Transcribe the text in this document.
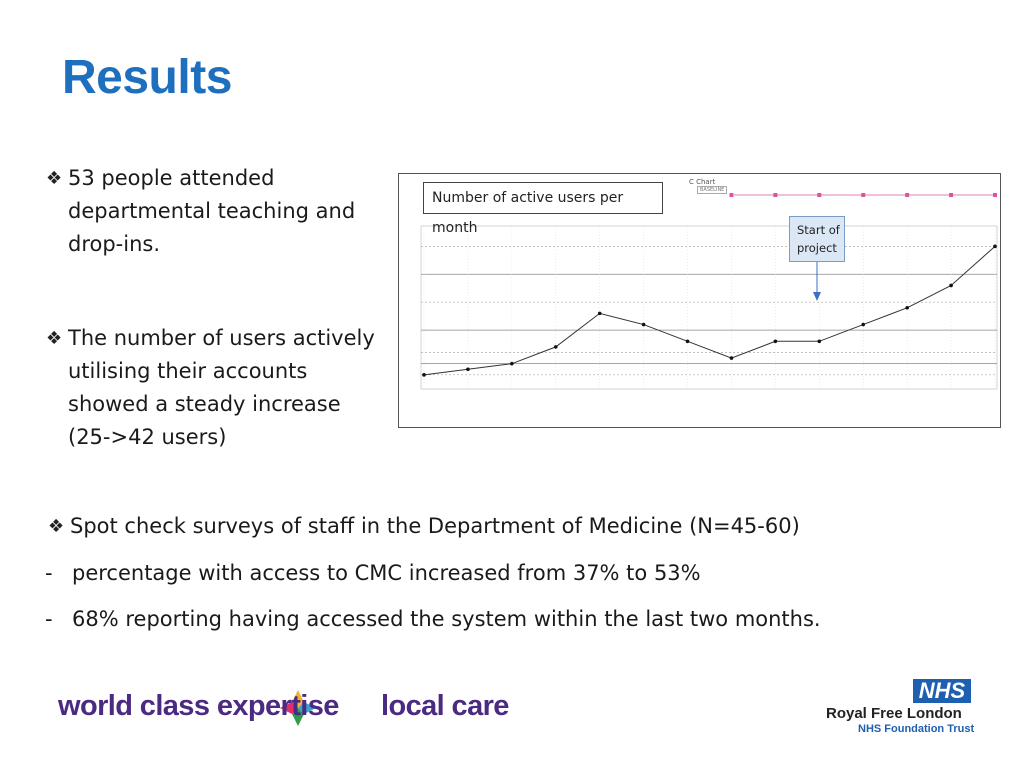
Results
❖ 53 people attended departmental teaching and drop-ins.
❖ The number of users actively utilising their accounts showed a steady increase (25->42 users)
❖ Spot check surveys of staff in the Department of Medicine (N=45-60)
- percentage with access to CMC increased from 37% to 53%
- 68% reporting having accessed the system within the last two months.
C Chart
BASELINE
Number of active users per month	Start of project
world class expertise local care	NHS
Royal Free London
NHS Foundation Trust
